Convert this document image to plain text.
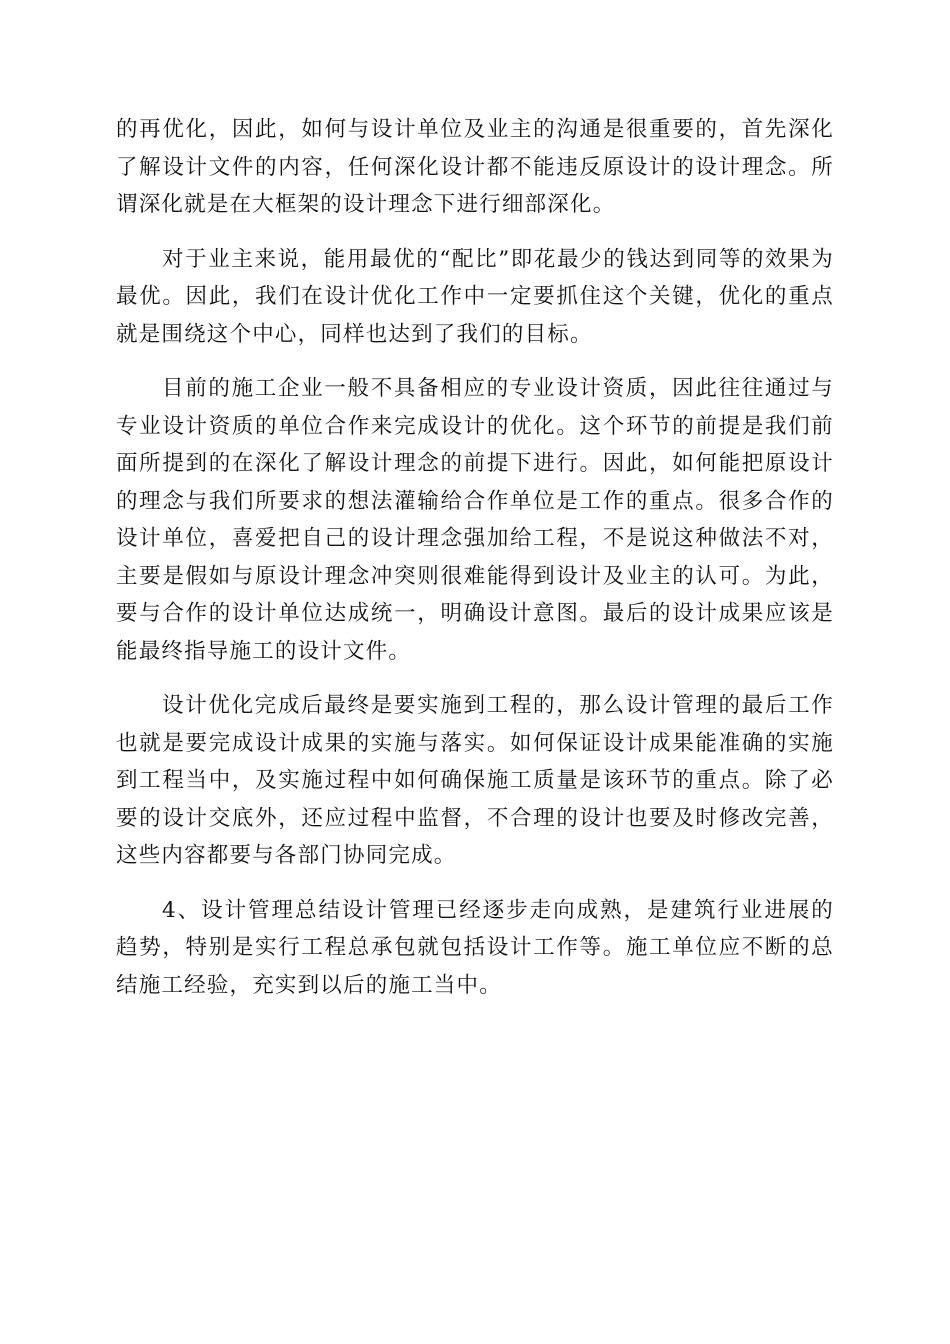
的再优化，因此，如何与设计单位及业主的沟通是很重要的，首先深化了解设计文件的内容，任何深化设计都不能违反原设计的设计理念。所谓深化就是在大框架的设计理念下进行细部深化。

对于业主来说，能用最优的“配比”即花最少的钱达到同等的效果为最优。因此，我们在设计优化工作中一定要抓住这个关键，优化的重点就是围绕这个中心，同样也达到了我们的目标。

目前的施工企业一般不具备相应的专业设计资质，因此往往通过与专业设计资质的单位合作来完成设计的优化。这个环节的前提是我们前面所提到的在深化了解设计理念的前提下进行。因此，如何能把原设计的理念与我们所要求的想法灌输给合作单位是工作的重点。很多合作的设计单位，喜爱把自己的设计理念强加给工程，不是说这种做法不对，主要是假如与原设计理念冲突则很难能得到设计及业主的认可。为此，要与合作的设计单位达成统一，明确设计意图。最后的设计成果应该是能最终指导施工的设计文件。

设计优化完成后最终是要实施到工程的，那么设计管理的最后工作也就是要完成设计成果的实施与落实。如何保证设计成果能准确的实施到工程当中，及实施过程中如何确保施工质量是该环节的重点。除了必要的设计交底外，还应过程中监督，不合理的设计也要及时修改完善，这些内容都要与各部门协同完成。

4、设计管理总结设计管理已经逐步走向成熟，是建筑行业进展的趋势，特别是实行工程总承包就包括设计工作等。施工单位应不断的总结施工经验，充实到以后的施工当中。
